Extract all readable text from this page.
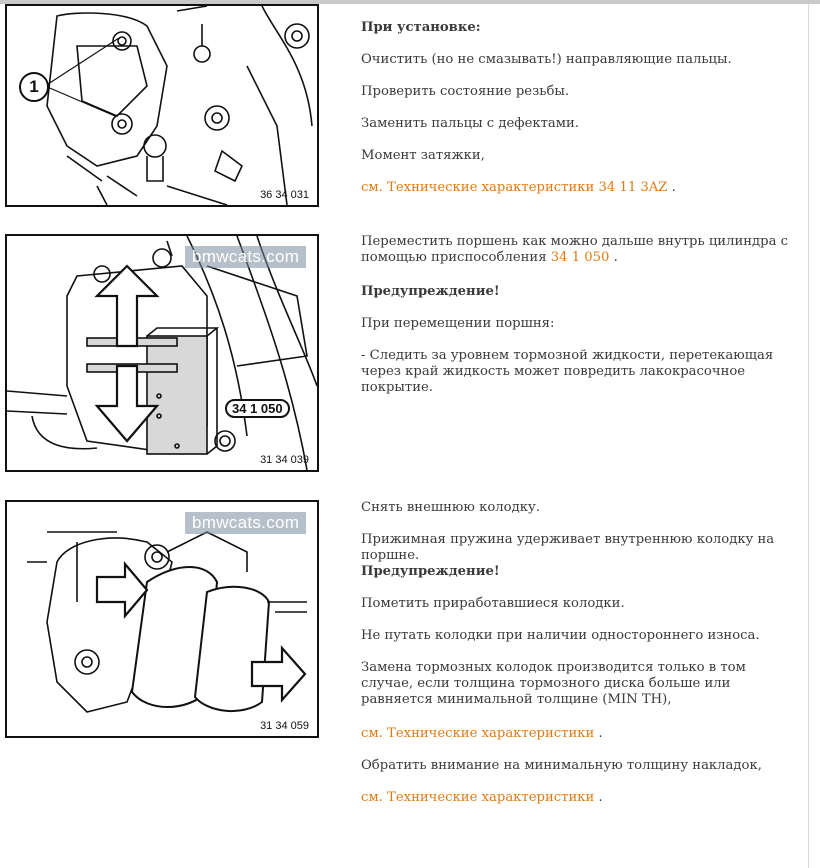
1
36 34 031
bmwcats.com
34 1 050
31 34 039
bmwcats.com
31 34 059

При установке:

Очистить (но не смазывать!) направляющие пальцы.

Проверить состояние резьбы.

Заменить пальцы с дефектами.

Момент затяжки,

см. Технические характеристики 34 11 3AZ .

Переместить поршень как можно дальше внутрь цилиндра с помощью приспособления 34 1 050 .

Предупреждение!

При перемещении поршня:

- Следить за уровнем тормозной жидкости, перетекающая через край жидкость может повредить лакокрасочное покрытие.

Снять внешнюю колодку.

Прижимная пружина удерживает внутреннюю колодку на поршне.

Предупреждение!

Пометить приработавшиеся колодки.

Не путать колодки при наличии одностороннего износа.

Замена тормозных колодок производится только в том случае, если толщина тормозного диска больше или равняется минимальной толщине (MIN TH),

см. Технические характеристики .

Обратить внимание на минимальную толщину накладок,

см. Технические характеристики .
